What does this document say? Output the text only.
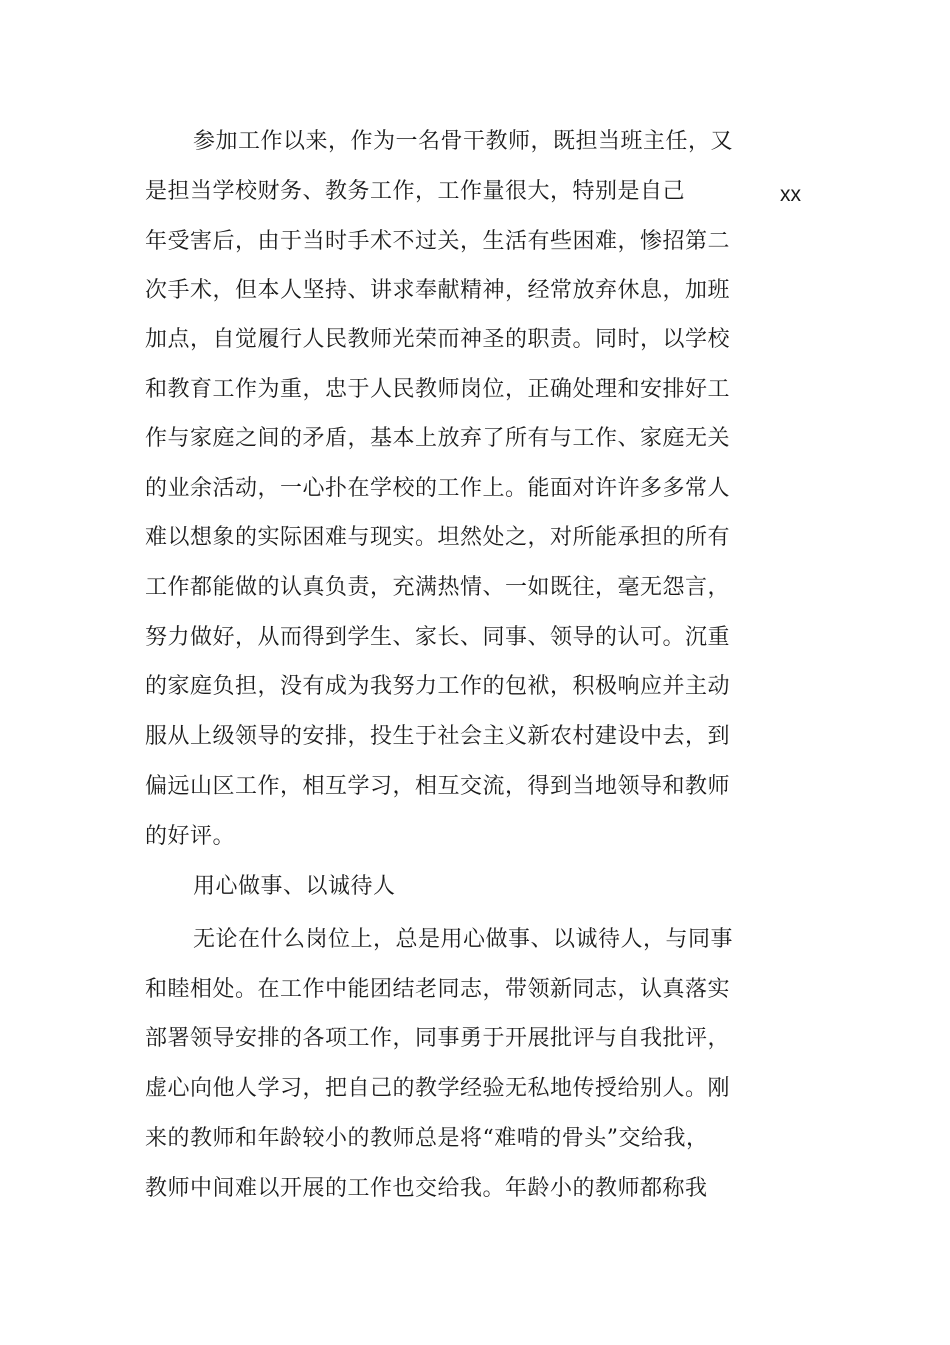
xx
参加工作以来，作为一名骨干教师，既担当班主任，又
是担当学校财务、教务工作，工作量很大，特别是自己
年受害后，由于当时手术不过关，生活有些困难，惨招第二
次手术，但本人坚持、讲求奉献精神，经常放弃休息，加班
加点，自觉履行人民教师光荣而神圣的职责。同时，以学校
和教育工作为重，忠于人民教师岗位，正确处理和安排好工
作与家庭之间的矛盾，基本上放弃了所有与工作、家庭无关
的业余活动，一心扑在学校的工作上。能面对许许多多常人
难以想象的实际困难与现实。坦然处之，对所能承担的所有
工作都能做的认真负责，充满热情、一如既往，毫无怨言，
努力做好，从而得到学生、家长、同事、领导的认可。沉重
的家庭负担，没有成为我努力工作的包袱，积极响应并主动
服从上级领导的安排，投生于社会主义新农村建设中去，到
偏远山区工作，相互学习，相互交流，得到当地领导和教师
的好评。
用心做事、以诚待人
无论在什么岗位上，总是用心做事、以诚待人，与同事
和睦相处。在工作中能团结老同志，带领新同志，认真落实
部署领导安排的各项工作，同事勇于开展批评与自我批评，
虚心向他人学习，把自己的教学经验无私地传授给别人。刚
来的教师和年龄较小的教师总是将“难啃的骨头”交给我，
教师中间难以开展的工作也交给我。年龄小的教师都称我
